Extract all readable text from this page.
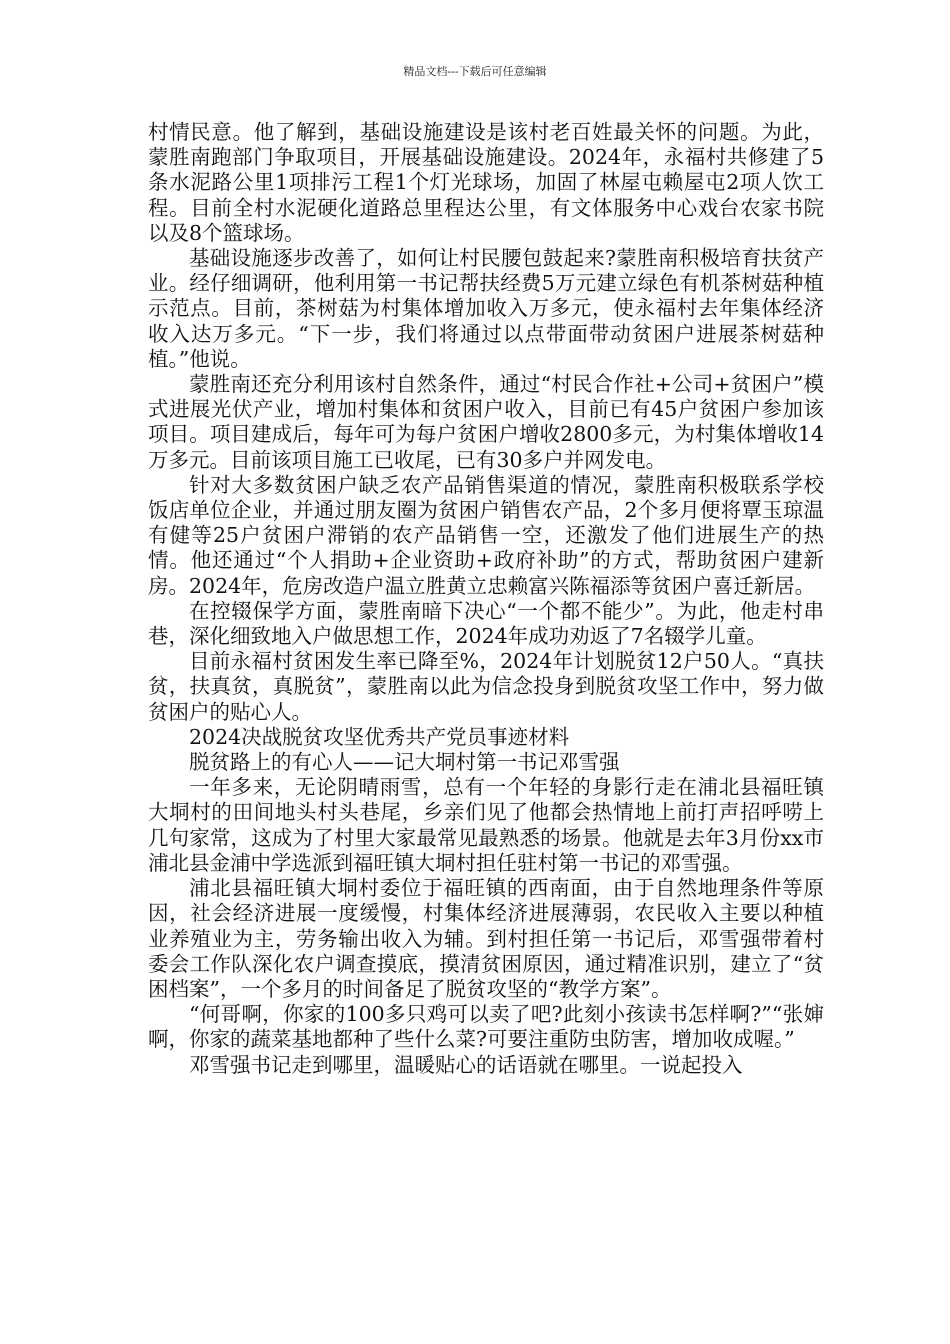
精品文档---下载后可任意编辑

村情民意。他了解到，基础设施建设是该村老百姓最关怀的问题。为此，蒙胜南跑部门争取项目，开展基础设施建设。2024年，永福村共修建了5条水泥路公里1项排污工程1个灯光球场，加固了林屋屯赖屋屯2项人饮工程。目前全村水泥硬化道路总里程达公里，有文体服务中心戏台农家书院以及8个篮球场。

基础设施逐步改善了，如何让村民腰包鼓起来?蒙胜南积极培育扶贫产业。经仔细调研，他利用第一书记帮扶经费5万元建立绿色有机茶树菇种植示范点。目前，茶树菇为村集体增加收入万多元，使永福村去年集体经济收入达万多元。“下一步，我们将通过以点带面带动贫困户进展茶树菇种植。”他说。

蒙胜南还充分利用该村自然条件，通过“村民合作社+公司+贫困户”模式进展光伏产业，增加村集体和贫困户收入，目前已有45户贫困户参加该项目。项目建成后，每年可为每户贫困户增收2800多元，为村集体增收14万多元。目前该项目施工已收尾，已有30多户并网发电。

针对大多数贫困户缺乏农产品销售渠道的情况，蒙胜南积极联系学校饭店单位企业，并通过朋友圈为贫困户销售农产品，2个多月便将覃玉琼温有健等25户贫困户滞销的农产品销售一空，还激发了他们进展生产的热情。他还通过“个人捐助+企业资助+政府补助”的方式，帮助贫困户建新房。2024年，危房改造户温立胜黄立忠赖富兴陈福添等贫困户喜迁新居。

在控辍保学方面，蒙胜南暗下决心“一个都不能少”。为此，他走村串巷，深化细致地入户做思想工作，2024年成功劝返了7名辍学儿童。

目前永福村贫困发生率已降至%，2024年计划脱贫12户50人。“真扶贫，扶真贫，真脱贫”，蒙胜南以此为信念投身到脱贫攻坚工作中，努力做贫困户的贴心人。

2024决战脱贫攻坚优秀共产党员事迹材料

脱贫路上的有心人——记大垌村第一书记邓雪强

一年多来，无论阴晴雨雪，总有一个年轻的身影行走在浦北县福旺镇大垌村的田间地头村头巷尾，乡亲们见了他都会热情地上前打声招呼唠上几句家常，这成为了村里大家最常见最熟悉的场景。他就是去年3月份xx市浦北县金浦中学选派到福旺镇大垌村担任驻村第一书记的邓雪强。

浦北县福旺镇大垌村委位于福旺镇的西南面，由于自然地理条件等原因，社会经济进展一度缓慢，村集体经济进展薄弱，农民收入主要以种植业养殖业为主，劳务输出收入为辅。到村担任第一书记后，邓雪强带着村委会工作队深化农户调查摸底，摸清贫困原因，通过精准识别，建立了“贫困档案”，一个多月的时间备足了脱贫攻坚的“教学方案”。

“何哥啊，你家的100多只鸡可以卖了吧?此刻小孩读书怎样啊?”“张婶啊，你家的蔬菜基地都种了些什么菜?可要注重防虫防害，增加收成喔。”

邓雪强书记走到哪里，温暖贴心的话语就在哪里。一说起投入
